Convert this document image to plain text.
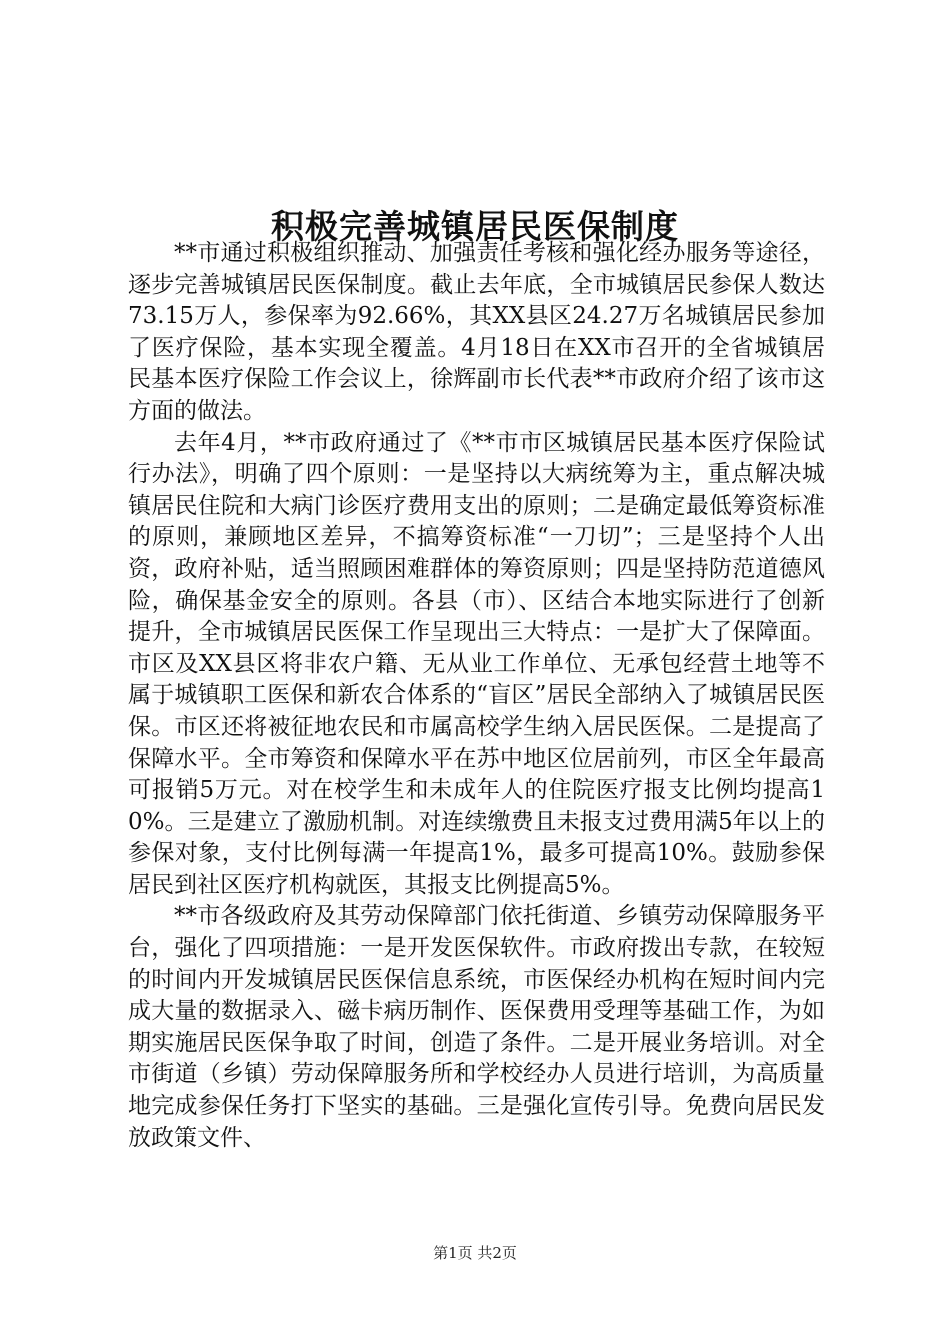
积极完善城镇居民医保制度

**市通过积极组织推动、加强责任考核和强化经办服务等途径，逐步完善城镇居民医保制度。截止去年底，全市城镇居民参保人数达73.15万人，参保率为92.66%，其XX县区24.27万名城镇居民参加了医疗保险，基本实现全覆盖。4月18日在XX市召开的全省城镇居民基本医疗保险工作会议上，徐辉副市长代表**市政府介绍了该市这方面的做法。

去年4月，**市政府通过了《**市市区城镇居民基本医疗保险试行办法》，明确了四个原则：一是坚持以大病统筹为主，重点解决城镇居民住院和大病门诊医疗费用支出的原则；二是确定最低筹资标准的原则，兼顾地区差异，不搞筹资标准“一刀切”；三是坚持个人出资，政府补贴，适当照顾困难群体的筹资原则；四是坚持防范道德风险，确保基金安全的原则。各县（市）、区结合本地实际进行了创新提升，全市城镇居民医保工作呈现出三大特点：一是扩大了保障面。市区及XX县区将非农户籍、无从业工作单位、无承包经营土地等不属于城镇职工医保和新农合体系的“盲区”居民全部纳入了城镇居民医保。市区还将被征地农民和市属高校学生纳入居民医保。二是提高了保障水平。全市筹资和保障水平在苏中地区位居前列，市区全年最高可报销5万元。对在校学生和未成年人的住院医疗报支比例均提高10%。三是建立了激励机制。对连续缴费且未报支过费用满5年以上的参保对象，支付比例每满一年提高1%，最多可提高10%。鼓励参保居民到社区医疗机构就医，其报支比例提高5%。

**市各级政府及其劳动保障部门依托街道、乡镇劳动保障服务平台，强化了四项措施：一是开发医保软件。市政府拨出专款，在较短的时间内开发城镇居民医保信息系统，市医保经办机构在短时间内完成大量的数据录入、磁卡病历制作、医保费用受理等基础工作，为如期实施居民医保争取了时间，创造了条件。二是开展业务培训。对全市街道（乡镇）劳动保障服务所和学校经办人员进行培训，为高质量地完成参保任务打下坚实的基础。三是强化宣传引导。免费向居民发放政策文件、

第1页 共2页
